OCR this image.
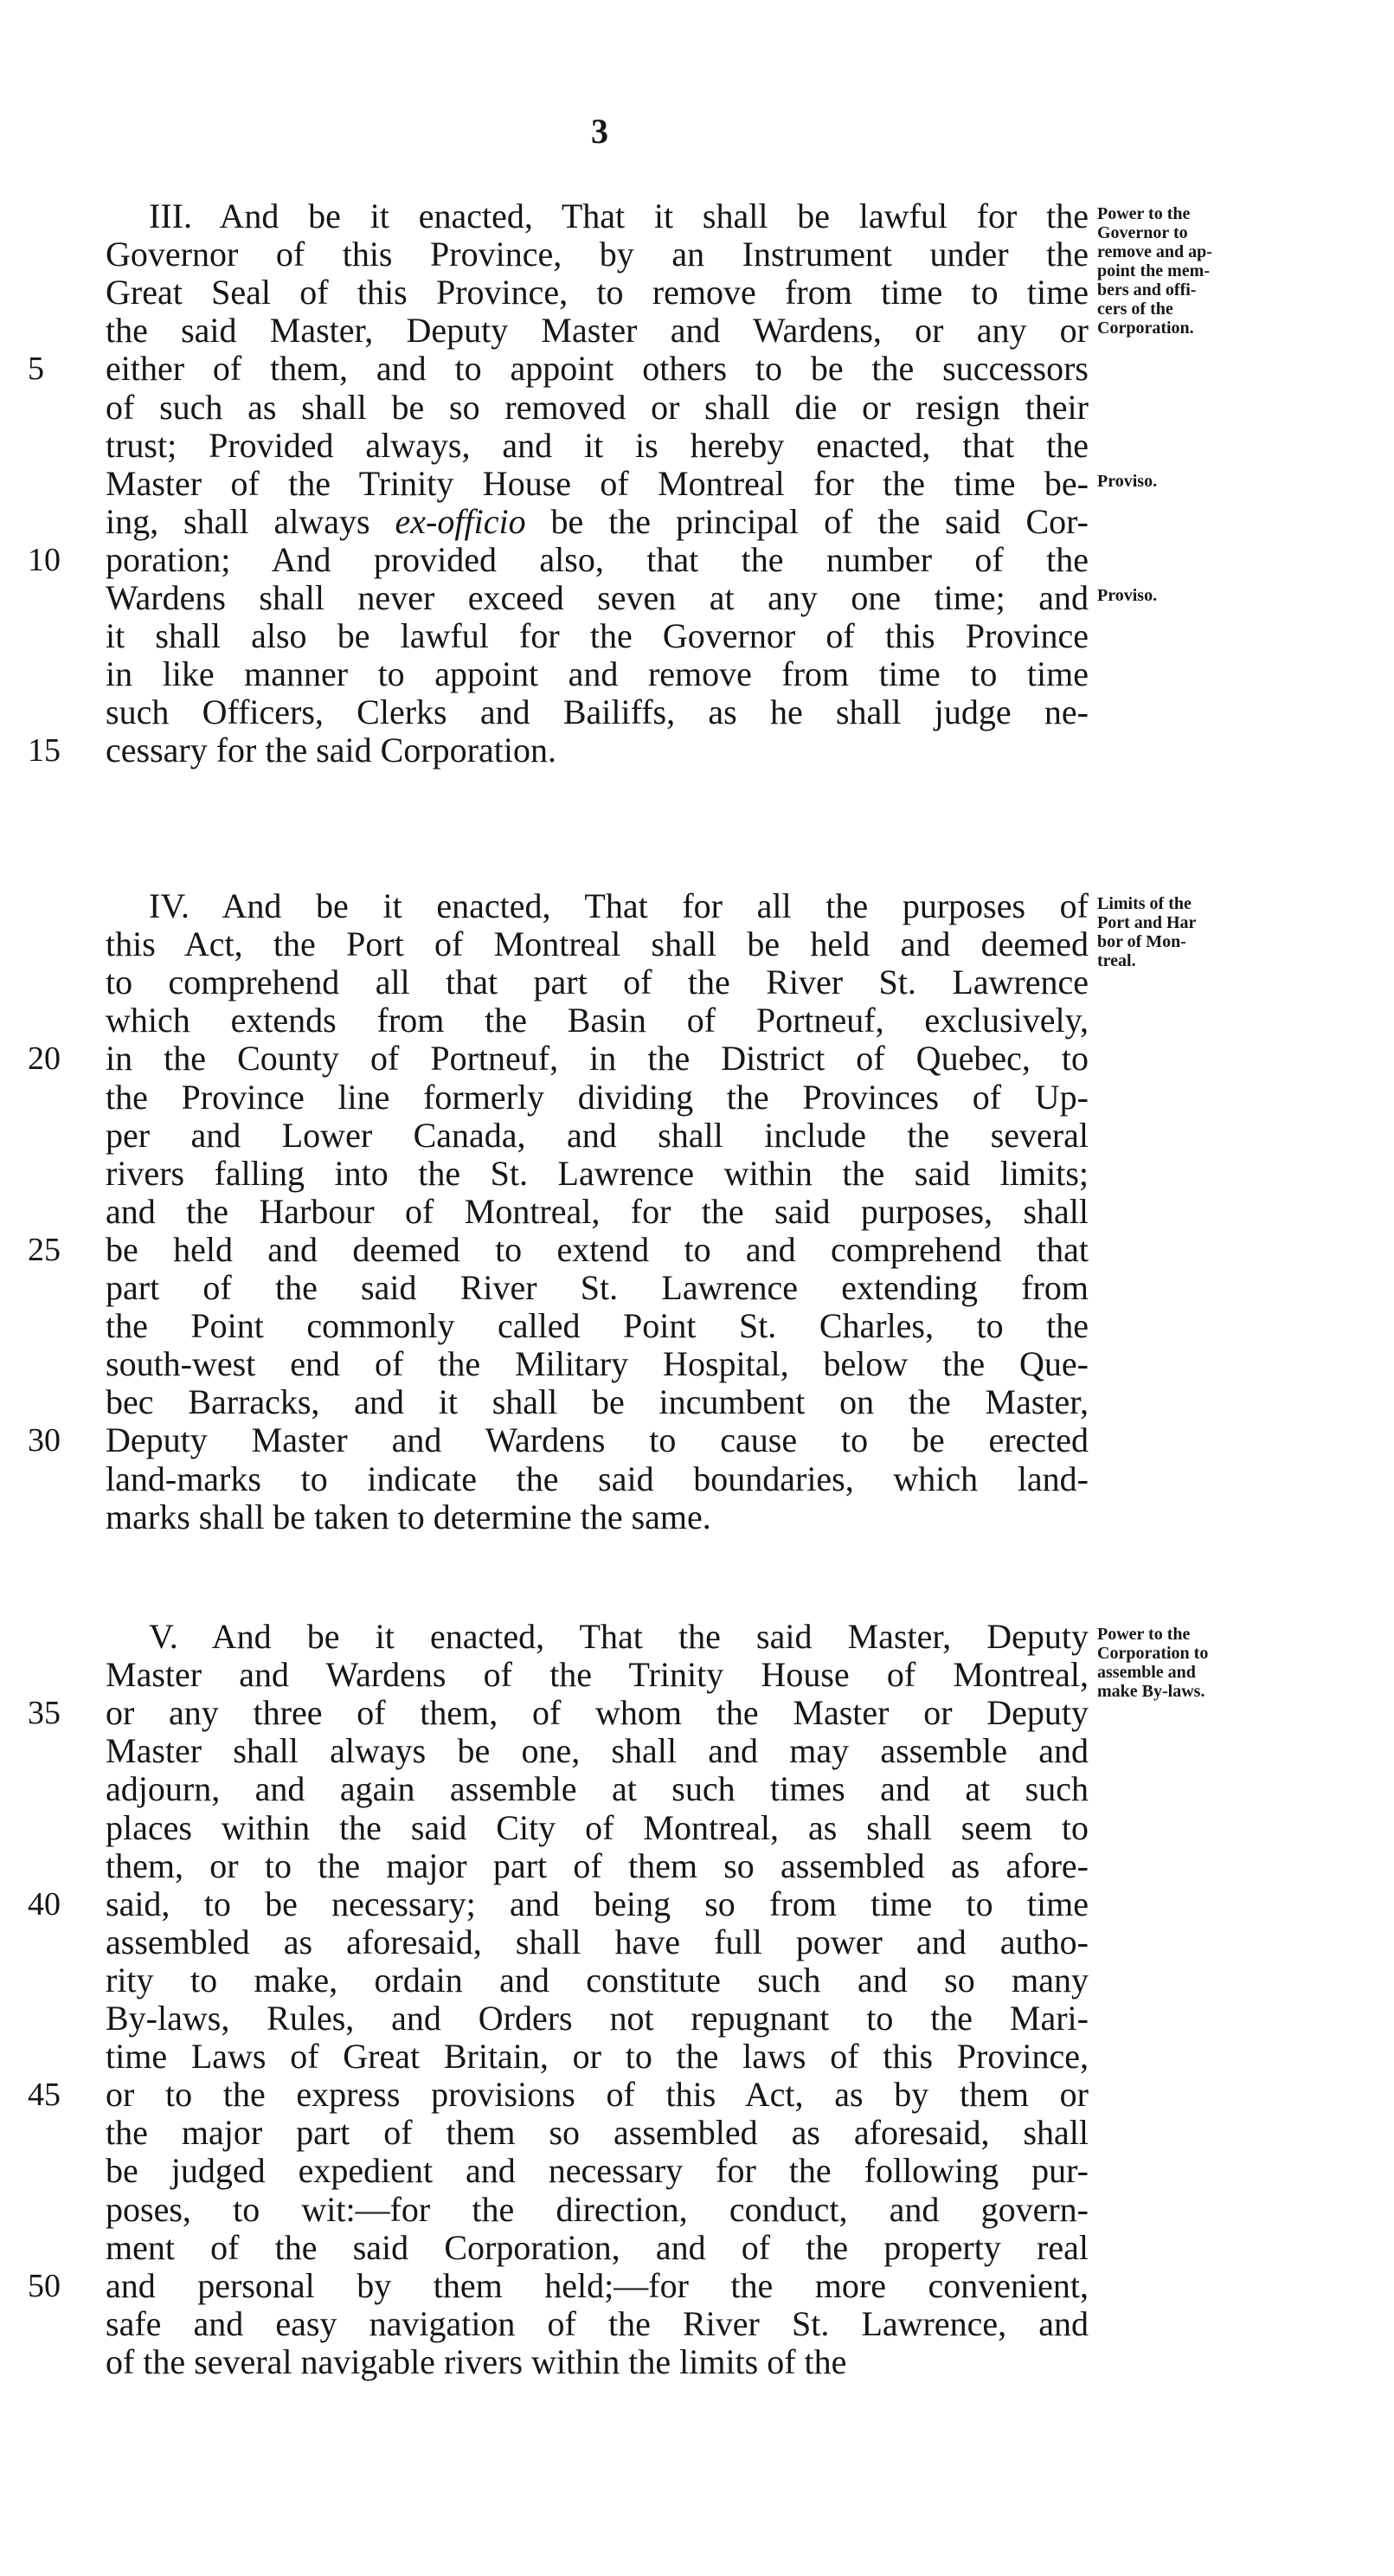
3
III. And be it enacted, That it shall be lawful for the
Governor of this Province, by an Instrument under the
Great Seal of this Province, to remove from time to time
the said Master, Deputy Master and Wardens, or any or
either of them, and to appoint others to be the successors
of such as shall be so removed or shall die or resign their
trust; Provided always, and it is hereby enacted, that the
Master of the Trinity House of Montreal for the time be-
ing, shall always ex-officio be the principal of the said Cor-
poration; And provided also, that the number of the
Wardens shall never exceed seven at any one time; and
it shall also be lawful for the Governor of this Province
in like manner to appoint and remove from time to time
such Officers, Clerks and Bailiffs, as he shall judge ne-
cessary for the said Corporation.
Power to the
Governor to
remove and ap-
point the mem-
bers and offi-
cers of the
Corporation.
Proviso.
Proviso.
IV. And be it enacted, That for all the purposes of
this Act, the Port of Montreal shall be held and deemed
to comprehend all that part of the River St. Lawrence
which extends from the Basin of Portneuf, exclusively,
in the County of Portneuf, in the District of Quebec, to
the Province line formerly dividing the Provinces of Up-
per and Lower Canada, and shall include the several
rivers falling into the St. Lawrence within the said limits;
and the Harbour of Montreal, for the said purposes, shall
be held and deemed to extend to and comprehend that
part of the said River St. Lawrence extending from
the Point commonly called Point St. Charles, to the
south-west end of the Military Hospital, below the Que-
bec Barracks, and it shall be incumbent on the Master,
Deputy Master and Wardens to cause to be erected
land-marks to indicate the said boundaries, which land-
marks shall be taken to determine the same.
Limits of the
Port and Har
bor of Mon-
treal.
V. And be it enacted, That the said Master, Deputy
Master and Wardens of the Trinity House of Montreal,
or any three of them, of whom the Master or Deputy
Master shall always be one, shall and may assemble and
adjourn, and again assemble at such times and at such
places within the said City of Montreal, as shall seem to
them, or to the major part of them so assembled as afore-
said, to be necessary; and being so from time to time
assembled as aforesaid, shall have full power and autho-
rity to make, ordain and constitute such and so many
By-laws, Rules, and Orders not repugnant to the Mari-
time Laws of Great Britain, or to the laws of this Province,
or to the express provisions of this Act, as by them or
the major part of them so assembled as aforesaid, shall
be judged expedient and necessary for the following pur-
poses, to wit:—for the direction, conduct, and govern-
ment of the said Corporation, and of the property real
and personal by them held;—for the more convenient,
safe and easy navigation of the River St. Lawrence, and
of the several navigable rivers within the limits of the
Power to the
Corporation to
assemble and
make By-laws.
5
10
15
20
25
30
35
40
45
50
